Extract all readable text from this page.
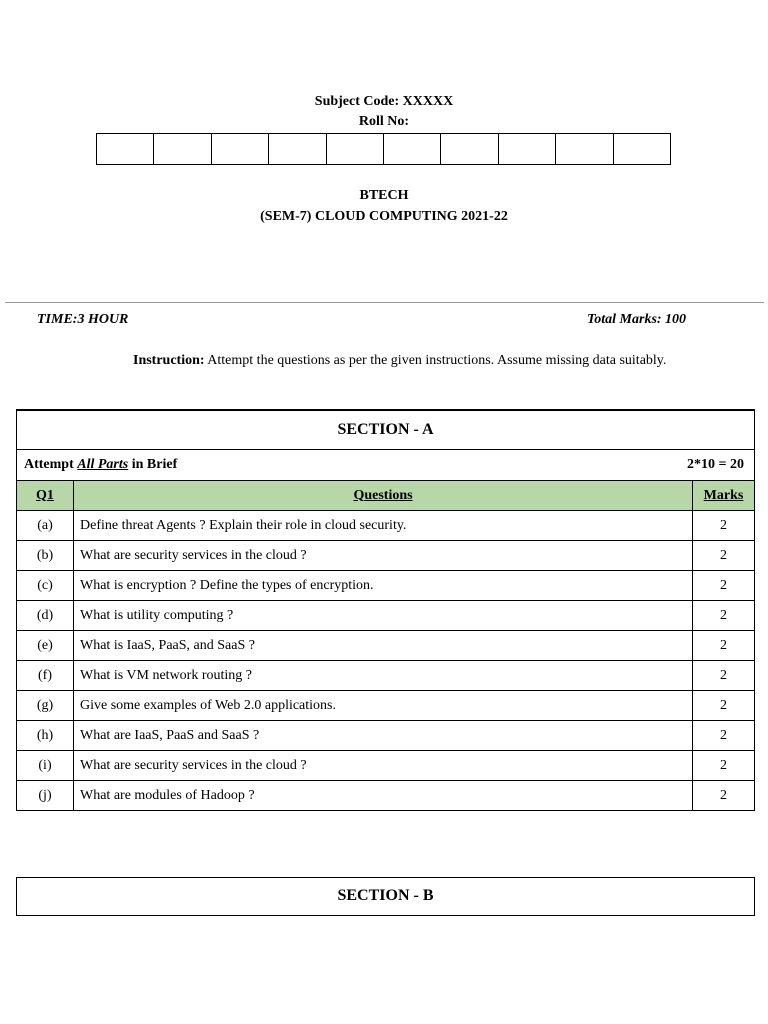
Subject Code: XXXXX
Roll No:
BTECH
(SEM-7) CLOUD COMPUTING 2021-22
TIME:3 HOUR	Total Marks: 100
Instruction: Attempt the questions as per the given instructions. Assume missing data suitably.
SECTION - A
Attempt All Parts in Brief	2*10 = 20
Q1	Questions	Marks
(a)	Define threat Agents ? Explain their role in cloud security.	2
(b)	What are security services in the cloud ?	2
(c)	What is encryption ? Define the types of encryption.	2
(d)	What is utility computing ?	2
(e)	What is IaaS, PaaS, and SaaS ?	2
(f)	What is VM network routing ?	2
(g)	Give some examples of Web 2.0 applications.	2
(h)	What are IaaS, PaaS and SaaS ?	2
(i)	What are security services in the cloud ?	2
(j)	What are modules of Hadoop ?	2
SECTION - B
